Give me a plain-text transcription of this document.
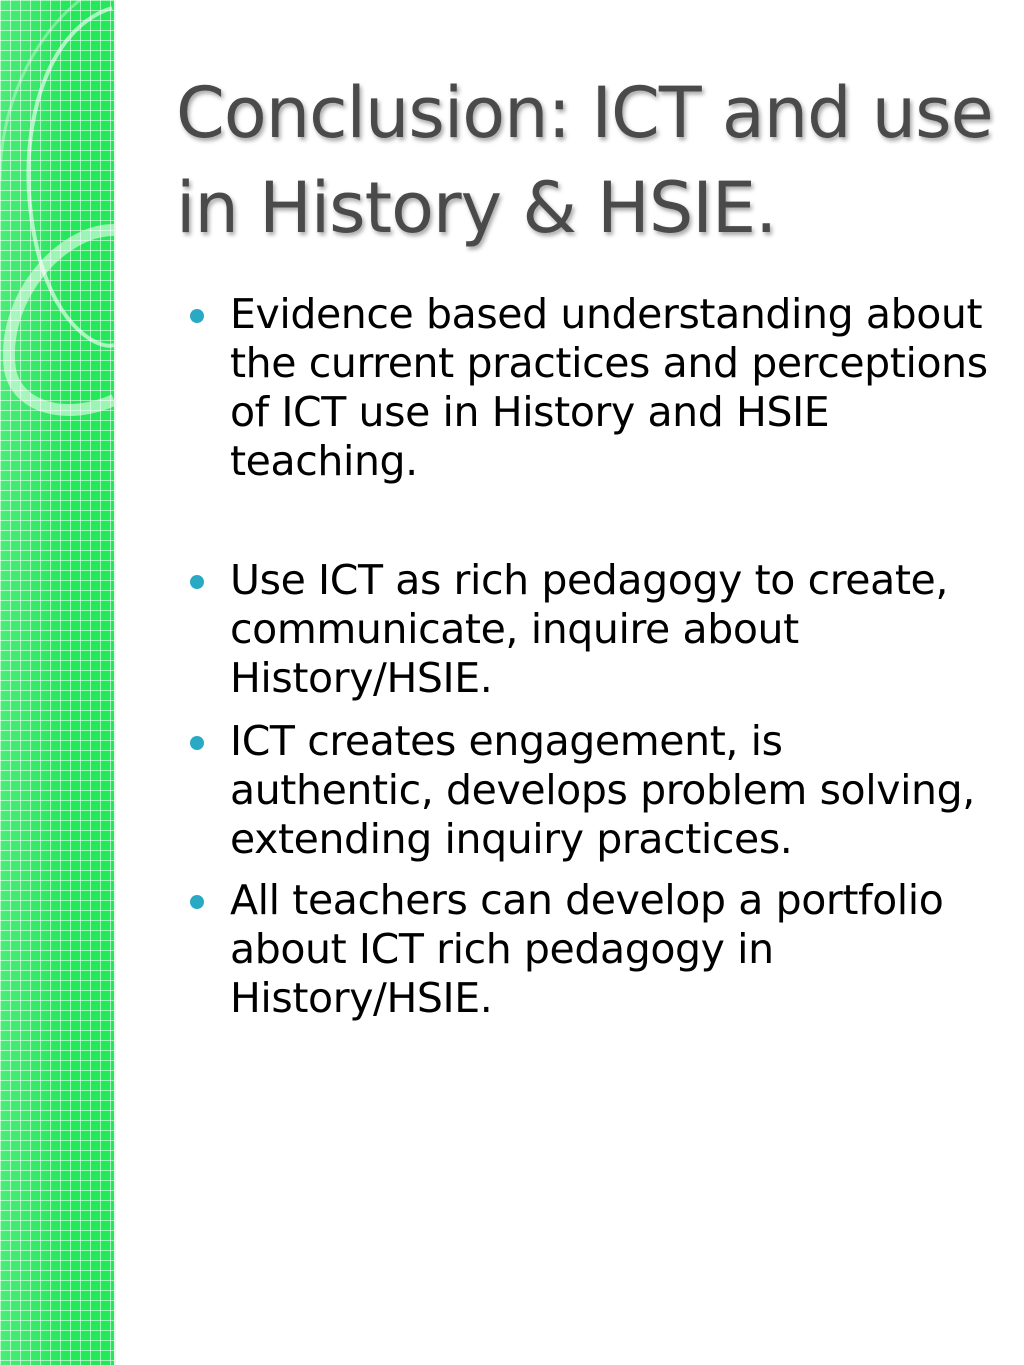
Conclusion: ICT and use in History & HSIE.
Evidence based understanding about the current practices and perceptions of ICT use in History and HSIE teaching.
Use ICT as rich pedagogy to create, communicate, inquire about History/HSIE.
ICT creates engagement, is authentic, develops problem solving, extending inquiry practices.
All teachers can develop a portfolio about ICT rich pedagogy in History/HSIE.
